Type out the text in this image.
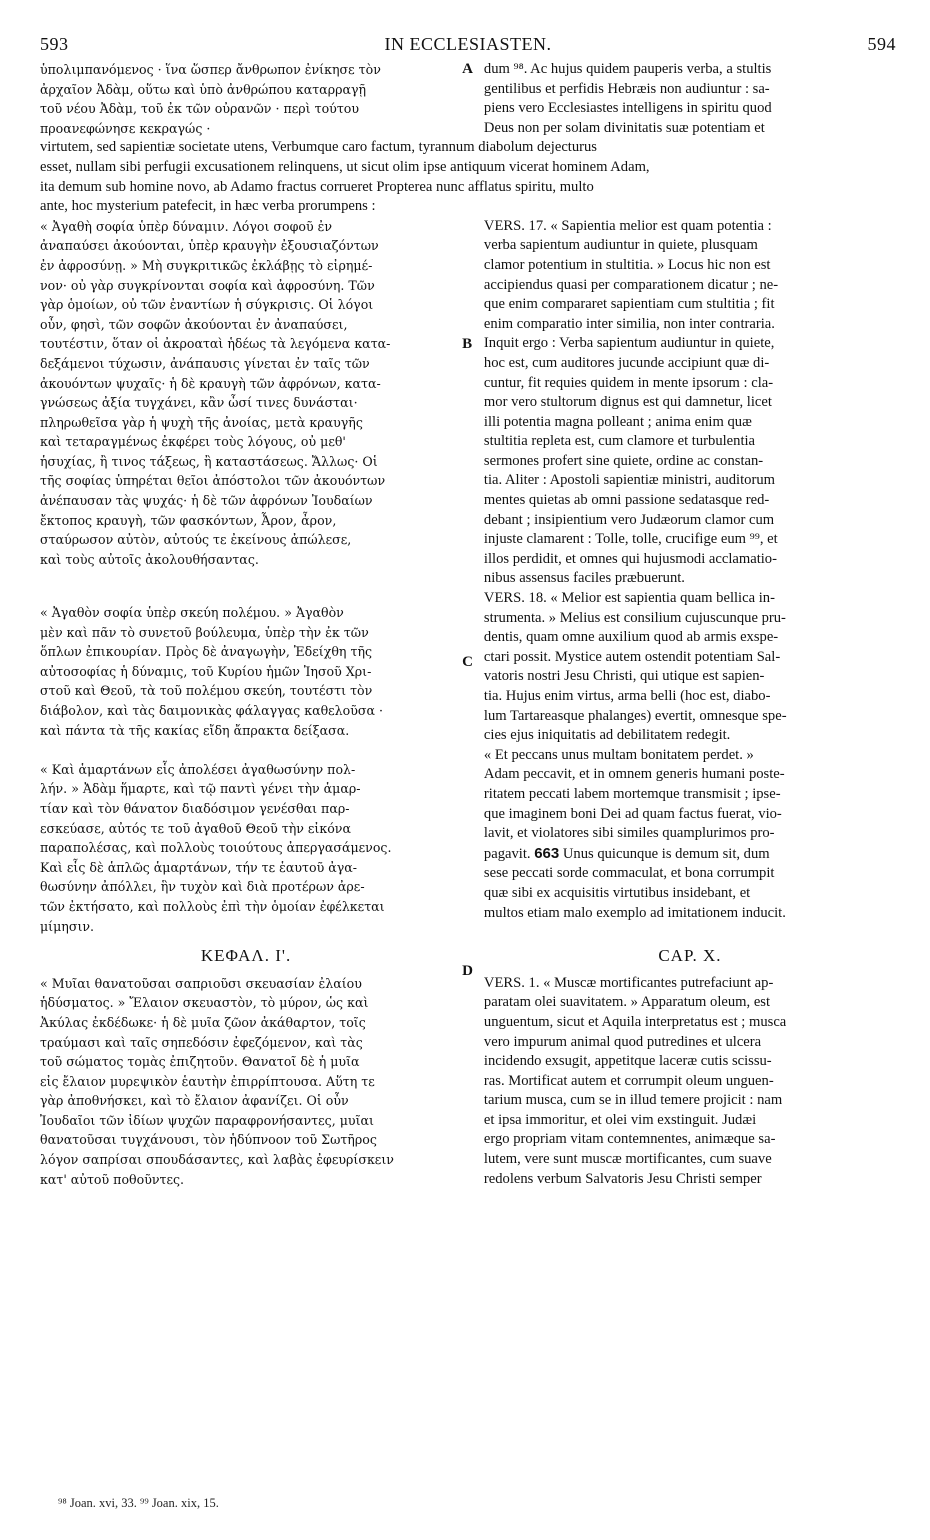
593	IN ECCLESIASTEN.	594
ὑπολιμπανόμενος · ἵνα ὥσπερ ἄνθρωπον ἐνίκησε τὸν
ἀρχαῖον Ἀδὰμ, οὕτω καὶ ὑπὸ ἀνθρώπου καταρραγῇ
τοῦ νέου Ἀδὰμ, τοῦ ἐκ τῶν οὐρανῶν · περὶ τούτου
προανεφώνησε κεκραγώς ·
A dum ⁹⁸. Ac hujus quidem pauperis verba, a stultis
gentilibus et perfidis Hebræis non audiuntur : sa-
piens vero Ecclesiastes intelligens in spiritu quod
Deus non per solam divinitatis suæ potentiam et
virtutem, sed sapientiæ societate utens, Verbumque caro factum, tyrannum diabolum dejecturus
esset, nullam sibi perfugii excusationem relinquens, ut sicut olim ipse antiquum vicerat hominem Adam,
ita demum sub homine novo, ab Adamo fractus corrueret Propterea nunc afflatus spiritu, multo
ante, hoc mysterium patefecit, in hæc verba prorumpens :
« Ἀγαθὴ σοφία ὑπὲρ δύναμιν. Λόγοι σοφοῦ ἐν
ἀναπαύσει ἀκούονται, ὑπὲρ κραυγὴν ἐξουσιαζόντων
ἐν ἀφροσύνῃ. » Μὴ συγκριτικῶς ἐκλάβῃς τὸ εἰρημέ-
νον· οὐ γὰρ συγκρίνονται σοφία καὶ ἀφροσύνη. Τῶν
γὰρ ὁμοίων, οὐ τῶν ἐναντίων ἡ σύγκρισις. Οἱ λόγοι
οὖν, φησὶ, τῶν σοφῶν ἀκούονται ἐν ἀναπαύσει,
τουτέστιν, ὅταν οἱ ἀκροαταὶ ἡδέως τὰ λεγόμενα κατα-
δεξάμενοι τύχωσιν, ἀνάπαυσις γίνεται ἐν ταῖς τῶν
ἀκουόντων ψυχαῖς· ἡ δὲ κραυγὴ τῶν ἀφρόνων, κατα-
γνώσεως ἀξία τυγχάνει, κἂν ὦσί τινες δυνάσται·
πληρωθεῖσα γὰρ ἡ ψυχὴ τῆς ἀνοίας, μετὰ κραυγῆς
καὶ τεταραγμένως ἐκφέρει τοὺς λόγους, οὐ μεθ'
ἡσυχίας, ἢ τινος τάξεως, ἢ καταστάσεως. Ἄλλως· Οἱ
τῆς σοφίας ὑπηρέται θεῖοι ἀπόστολοι τῶν ἀκουόντων
ἀνέπαυσαν τὰς ψυχάς· ἡ δὲ τῶν ἀφρόνων Ἰουδαίων
ἔκτοπος κραυγὴ, τῶν φασκόντων, Ἆρον, ἆρον,
σταύρωσον αὐτὸν, αὐτούς τε ἐκείνους ἀπώλεσε,
καὶ τοὺς αὐτοῖς ἀκολουθήσαντας.
B
VERS. 17. « Sapientia melior est quam potentia :
verba sapientum audiuntur in quiete, plusquam
clamor potentium in stultitia. » Locus hic non est
accipiendus quasi per comparationem dicatur ; ne-
que enim compararet sapientiam cum stultitia ; fit
enim comparatio inter similia, non inter contraria.
Inquit ergo : Verba sapientum audiuntur in quiete,
hoc est, cum auditores jucunde accipiunt quæ di-
cuntur, fit requies quidem in mente ipsorum : cla-
mor vero stultorum dignus est qui damnetur, licet
illi potentia magna polleant ; anima enim quæ
stultitia repleta est, cum clamore et turbulentia
sermones profert sine quiete, ordine ac constan-
tia. Aliter : Apostoli sapientiæ ministri, auditorum
mentes quietas ab omni passione sedatasque red-
debant ; insipientium vero Judæorum clamor cum
injuste clamarent : Tolle, tolle, crucifige eum ⁹⁹, et
illos perdidit, et omnes qui hujusmodi acclamatio-
nibus assensus faciles præbuerunt.
« Ἀγαθὸν σοφία ὑπὲρ σκεύη πολέμου. » Ἀγαθὸν
μὲν καὶ πᾶν τὸ συνετοῦ βούλευμα, ὑπὲρ τὴν ἐκ τῶν
ὅπλων ἐπικουρίαν. Πρὸς δὲ ἀναγωγὴν, Ἐδείχθη τῆς
αὐτοσοφίας ἡ δύναμις, τοῦ Κυρίου ἡμῶν Ἰησοῦ Χρι-
στοῦ καὶ Θεοῦ, τὰ τοῦ πολέμου σκεύη, τουτέστι τὸν
διάβολον, καὶ τὰς δαιμονικὰς φάλαγγας καθελοῦσα ·
καὶ πάντα τὰ τῆς κακίας εἴδη ἄπρακτα δείξασα.
C
VERS. 18. « Melior est sapientia quam bellica in-
strumenta. » Melius est consilium cujuscunque pru-
dentis, quam omne auxilium quod ab armis exspe-
ctari possit. Mystice autem ostendit potentiam Sal-
vatoris nostri Jesu Christi, qui utique est sapien-
tia. Hujus enim virtus, arma belli (hoc est, diabo-
lum Tartareasque phalanges) evertit, omnesque spe-
cies ejus iniquitatis ad debilitatem redegit.
« Καὶ ἁμαρτάνων εἷς ἀπολέσει ἀγαθωσύνην πολ-
λήν. » Ἀδὰμ ἥμαρτε, καὶ τῷ παντὶ γένει τὴν ἁμαρ-
τίαν καὶ τὸν θάνατον διαδόσιμον γενέσθαι παρ-
εσκεύασε, αὐτός τε τοῦ ἀγαθοῦ Θεοῦ τὴν εἰκόνα
παραπολέσας, καὶ πολλοὺς τοιούτους ἀπεργασάμενος.
Καὶ εἷς δὲ ἁπλῶς ἁμαρτάνων, τήν τε ἑαυτοῦ ἀγα-
θωσύνην ἀπόλλει, ἣν τυχὸν καὶ διὰ προτέρων ἀρε-
τῶν ἐκτήσατο, καὶ πολλοὺς ἐπὶ τὴν ὁμοίαν ἐφέλκεται
μίμησιν.
D
« Et peccans unus multam bonitatem perdet. »
Adam peccavit, et in omnem generis humani poste-
ritatem peccati labem mortemque transmisit ; ipse-
que imaginem boni Dei ad quam factus fuerat, vio-
lavit, et violatores sibi similes quamplurimos pro-
pagavit. 663 Unus quicunque is demum sit, dum
sese peccati sorde commaculat, et bona corrumpit
quæ sibi ex acquisitis virtutibus insidebant, et
multos etiam malo exemplo ad imitationem inducit.
ΚΕΦΑΛ. Ι'.
« Μυῖαι θανατοῦσαι σαπριοῦσι σκευασίαν ἐλαίου
ἡδύσματος. » Ἔλαιον σκευαστὸν, τὸ μύρον, ὡς καὶ
Ἀκύλας ἐκδέδωκε· ἡ δὲ μυῖα ζῶον ἀκάθαρτον, τοῖς
τραύμασι καὶ ταῖς σηπεδόσιν ἐφεζόμενον, καὶ τὰς
τοῦ σώματος τομὰς ἐπιζητοῦν. Θανατοῖ δὲ ἡ μυῖα
εἰς ἔλαιον μυρεψικὸν ἑαυτὴν ἐπιρρίπτουσα. Αὕτη τε
γὰρ ἀποθνήσκει, καὶ τὸ ἔλαιον ἀφανίζει. Οἱ οὖν
Ἰουδαῖοι τῶν ἰδίων ψυχῶν παραφρονήσαντες, μυῖαι
θανατοῦσαι τυγχάνουσι, τὸν ἡδύπνοον τοῦ Σωτῆρος
λόγον σαπρίσαι σπουδάσαντες, καὶ λαβὰς ἐφευρίσκειν
κατ' αὐτοῦ ποθοῦντες.
CAP. X.
VERS. 1. « Muscæ mortificantes putrefaciunt ap-
paratam olei suavitatem. » Apparatum oleum, est
unguentum, sicut et Aquila interpretatus est ; musca
vero impurum animal quod putredines et ulcera
incidendo exsugit, appetitque laceræ cutis scissu-
ras. Mortificat autem et corrumpit oleum unguen-
tarium musca, cum se in illud temere projicit : nam
et ipsa immoritur, et olei vim exstinguit. Judæi
ergo propriam vitam contemnentes, animæque sa-
lutem, vere sunt muscæ mortificantes, cum suave
redolens verbum Salvatoris Jesu Christi semper
⁹⁸ Joan. xvi, 33. ⁹⁹ Joan. xix, 15.
